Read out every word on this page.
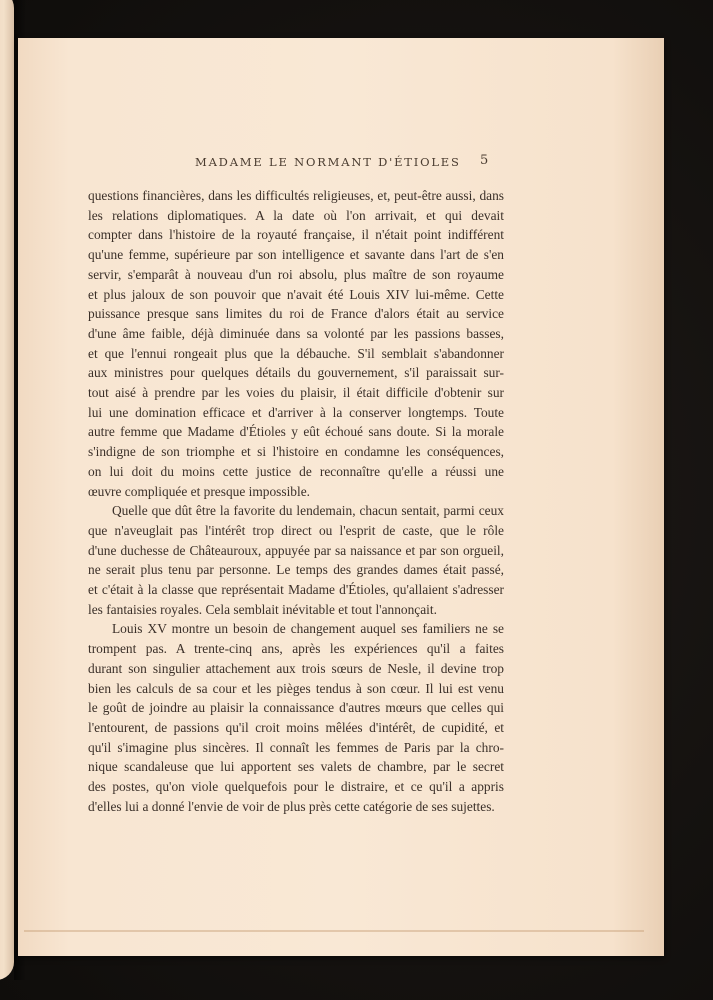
MADAME LE NORMANT D'ÉTIOLES 5
questions financières, dans les difficultés religieuses, et, peut-être aussi, dans
les relations diplomatiques. A la date où l'on arrivait, et qui devait
compter dans l'histoire de la royauté française, il n'était point indifférent
qu'une femme, supérieure par son intelligence et savante dans l'art de s'en
servir, s'emparât à nouveau d'un roi absolu, plus maître de son royaume
et plus jaloux de son pouvoir que n'avait été Louis XIV lui-même. Cette
puissance presque sans limites du roi de France d'alors était au service
d'une âme faible, déjà diminuée dans sa volonté par les passions basses,
et que l'ennui rongeait plus que la débauche. S'il semblait s'abandonner
aux ministres pour quelques détails du gouvernement, s'il paraissait sur-
tout aisé à prendre par les voies du plaisir, il était difficile d'obtenir sur
lui une domination efficace et d'arriver à la conserver longtemps. Toute
autre femme que Madame d'Étioles y eût échoué sans doute. Si la morale
s'indigne de son triomphe et si l'histoire en condamne les conséquences,
on lui doit du moins cette justice de reconnaître qu'elle a réussi une
œuvre compliquée et presque impossible.
Quelle que dût être la favorite du lendemain, chacun sentait, parmi ceux
que n'aveuglait pas l'intérêt trop direct ou l'esprit de caste, que le rôle
d'une duchesse de Châteauroux, appuyée par sa naissance et par son orgueil,
ne serait plus tenu par personne. Le temps des grandes dames était passé,
et c'était à la classe que représentait Madame d'Étioles, qu'allaient s'adresser
les fantaisies royales. Cela semblait inévitable et tout l'annonçait.
Louis XV montre un besoin de changement auquel ses familiers ne se
trompent pas. A trente-cinq ans, après les expériences qu'il a faites
durant son singulier attachement aux trois sœurs de Nesle, il devine trop
bien les calculs de sa cour et les pièges tendus à son cœur. Il lui est venu
le goût de joindre au plaisir la connaissance d'autres mœurs que celles qui
l'entourent, de passions qu'il croit moins mêlées d'intérêt, de cupidité, et
qu'il s'imagine plus sincères. Il connaît les femmes de Paris par la chro-
nique scandaleuse que lui apportent ses valets de chambre, par le secret
des postes, qu'on viole quelquefois pour le distraire, et ce qu'il a appris
d'elles lui a donné l'envie de voir de plus près cette catégorie de ses sujettes.
